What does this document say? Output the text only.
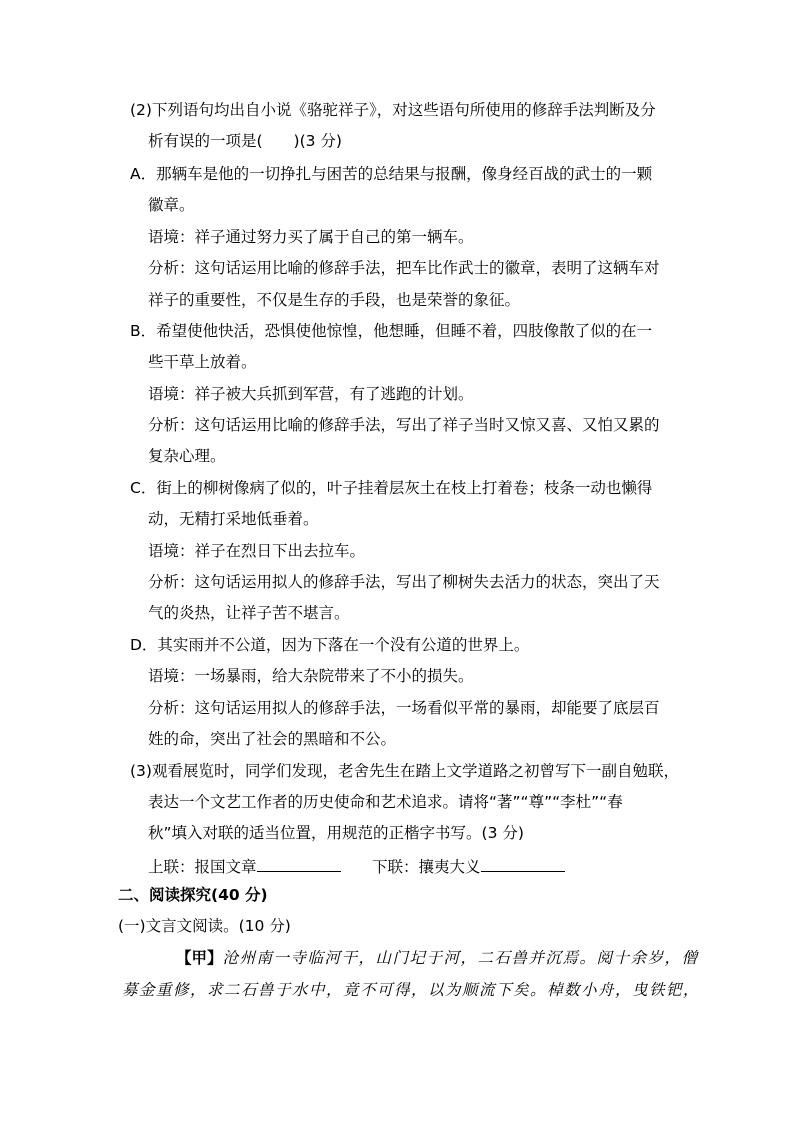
(2)下列语句均出自小说《骆驼祥子》，对这些语句所使用的修辞手法判断及分
析有误的一项是(　　)(3 分)
A．那辆车是他的一切挣扎与困苦的总结果与报酬，像身经百战的武士的一颗
徽章。
语境：祥子通过努力买了属于自己的第一辆车。
分析：这句话运用比喻的修辞手法，把车比作武士的徽章，表明了这辆车对
祥子的重要性，不仅是生存的手段，也是荣誉的象征。
B．希望使他快活，恐惧使他惊惶，他想睡，但睡不着，四肢像散了似的在一
些干草上放着。
语境：祥子被大兵抓到军营，有了逃跑的计划。
分析：这句话运用比喻的修辞手法，写出了祥子当时又惊又喜、又怕又累的
复杂心理。
C．街上的柳树像病了似的，叶子挂着层灰土在枝上打着卷；枝条一动也懒得
动，无精打采地低垂着。
语境：祥子在烈日下出去拉车。
分析：这句话运用拟人的修辞手法，写出了柳树失去活力的状态，突出了天
气的炎热，让祥子苦不堪言。
D．其实雨并不公道，因为下落在一个没有公道的世界上。
语境：一场暴雨，给大杂院带来了不小的损失。
分析：这句话运用拟人的修辞手法，一场看似平常的暴雨，却能要了底层百
姓的命，突出了社会的黑暗和不公。
(3)观看展览时，同学们发现，老舍先生在踏上文学道路之初曾写下一副自勉联，
表达一个文艺工作者的历史使命和艺术追求。请将“著”“尊”“李杜”“春
秋”填入对联的适当位置，用规范的正楷字书写。(3 分)
上联：报国文章	下联：攘夷大义
二、阅读探究(40 分)
(一)文言文阅读。(10 分)
【甲】沧州南一寺临河干，山门圮于河，二石兽并沉焉。阅十余岁，僧
募金重修，求二石兽于水中，竟不可得，以为顺流下矣。棹数小舟，曳铁钯，
